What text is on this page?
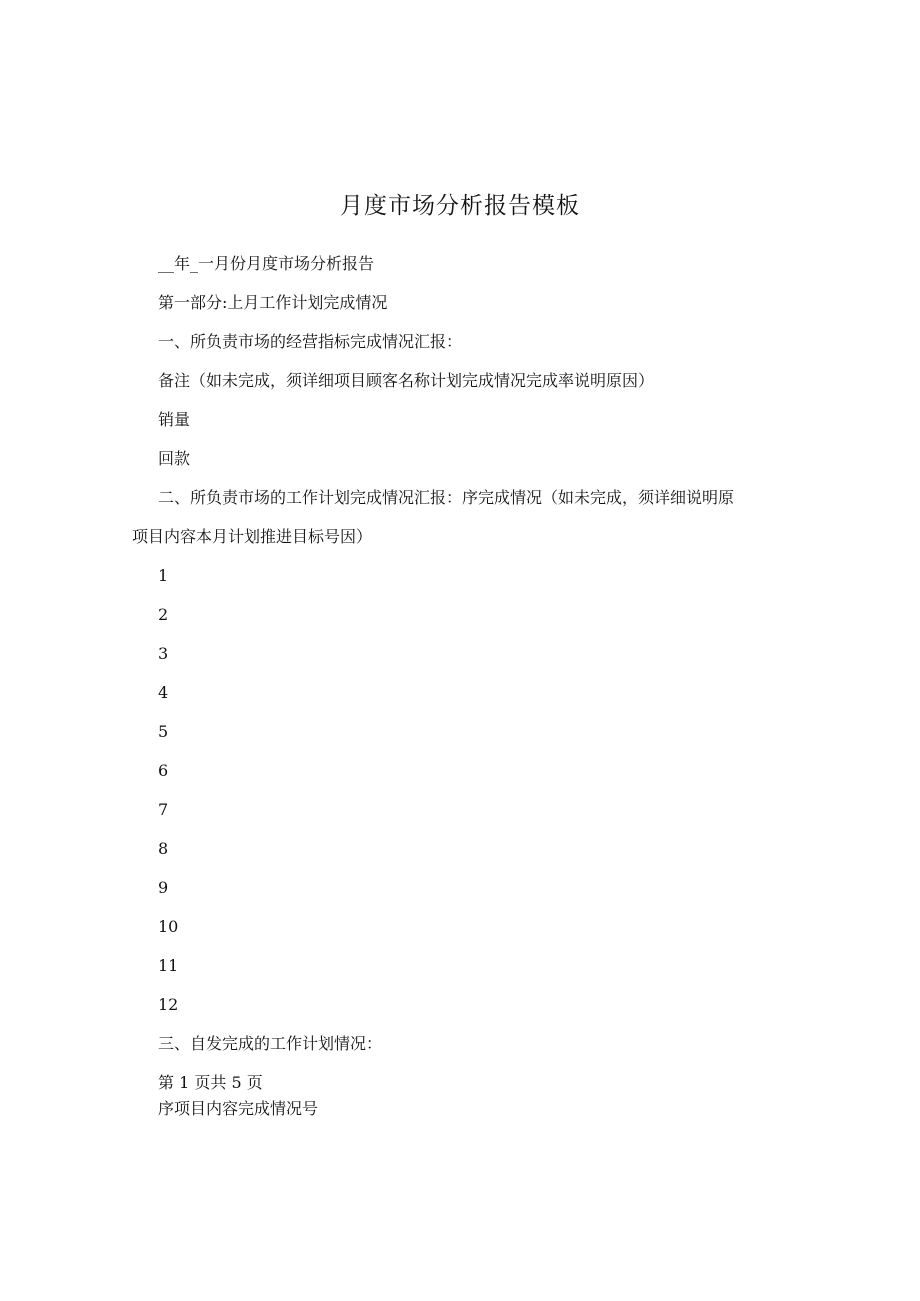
月度市场分析报告模板
__年_一月份月度市场分析报告
第一部分:上月工作计划完成情况
一、所负责市场的经营指标完成情况汇报：
备注（如未完成，须详细项目顾客名称计划完成情况完成率说明原因）
销量
回款
二、所负责市场的工作计划完成情况汇报：序完成情况（如未完成，须详细说明原
项目内容本月计划推进目标号因）
1
2
3
4
5
6
7
8
9
10
11
12
三、自发完成的工作计划情况：
第 1 页共 5 页
序项目内容完成情况号
